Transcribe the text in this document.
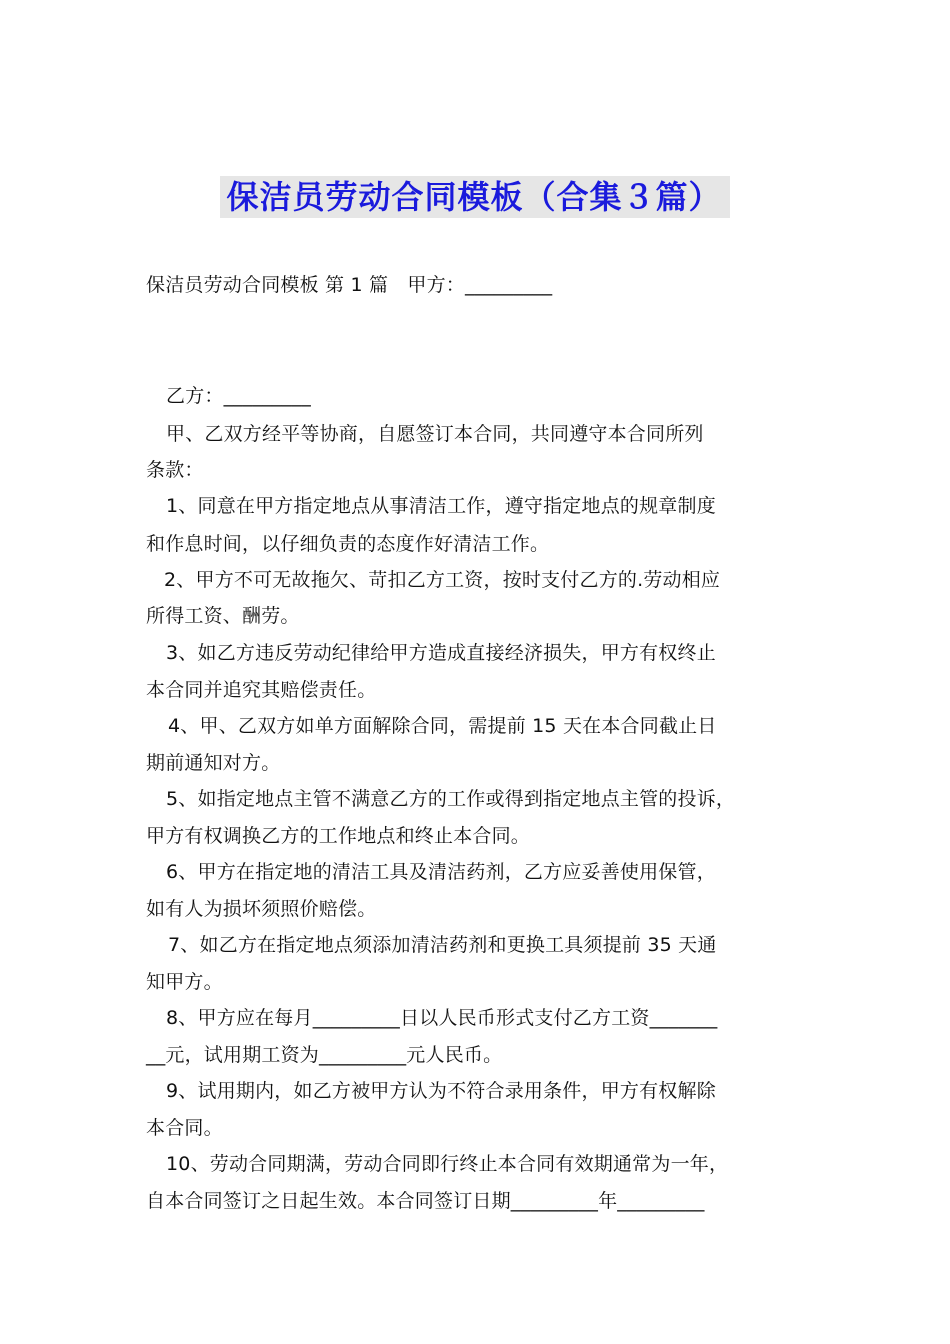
保洁员劳动合同模板（合集３篇）
保洁员劳动合同模板 第 1 篇　甲方：_________
乙方：_________
甲、乙双方经平等协商，自愿签订本合同，共同遵守本合同所列
条款：
1、同意在甲方指定地点从事清洁工作，遵守指定地点的规章制度
和作息时间，以仔细负责的态度作好清洁工作。
2、甲方不可无故拖欠、苛扣乙方工资，按时支付乙方的.劳动相应
所得工资、酬劳。
3、如乙方违反劳动纪律给甲方造成直接经济损失，甲方有权终止
本合同并追究其赔偿责任。
4、甲、乙双方如单方面解除合同，需提前 15 天在本合同截止日
期前通知对方。
5、如指定地点主管不满意乙方的工作或得到指定地点主管的投诉，
甲方有权调换乙方的工作地点和终止本合同。
6、甲方在指定地的清洁工具及清洁药剂，乙方应妥善使用保管，
如有人为损坏须照价赔偿。
7、如乙方在指定地点须添加清洁药剂和更换工具须提前 35 天通
知甲方。
8、甲方应在每月_________日以人民币形式支付乙方工资_______
__元，试用期工资为_________元人民币。
9、试用期内，如乙方被甲方认为不符合录用条件，甲方有权解除
本合同。
10、劳动合同期满，劳动合同即行终止本合同有效期通常为一年，
自本合同签订之日起生效。本合同签订日期_________年_________
